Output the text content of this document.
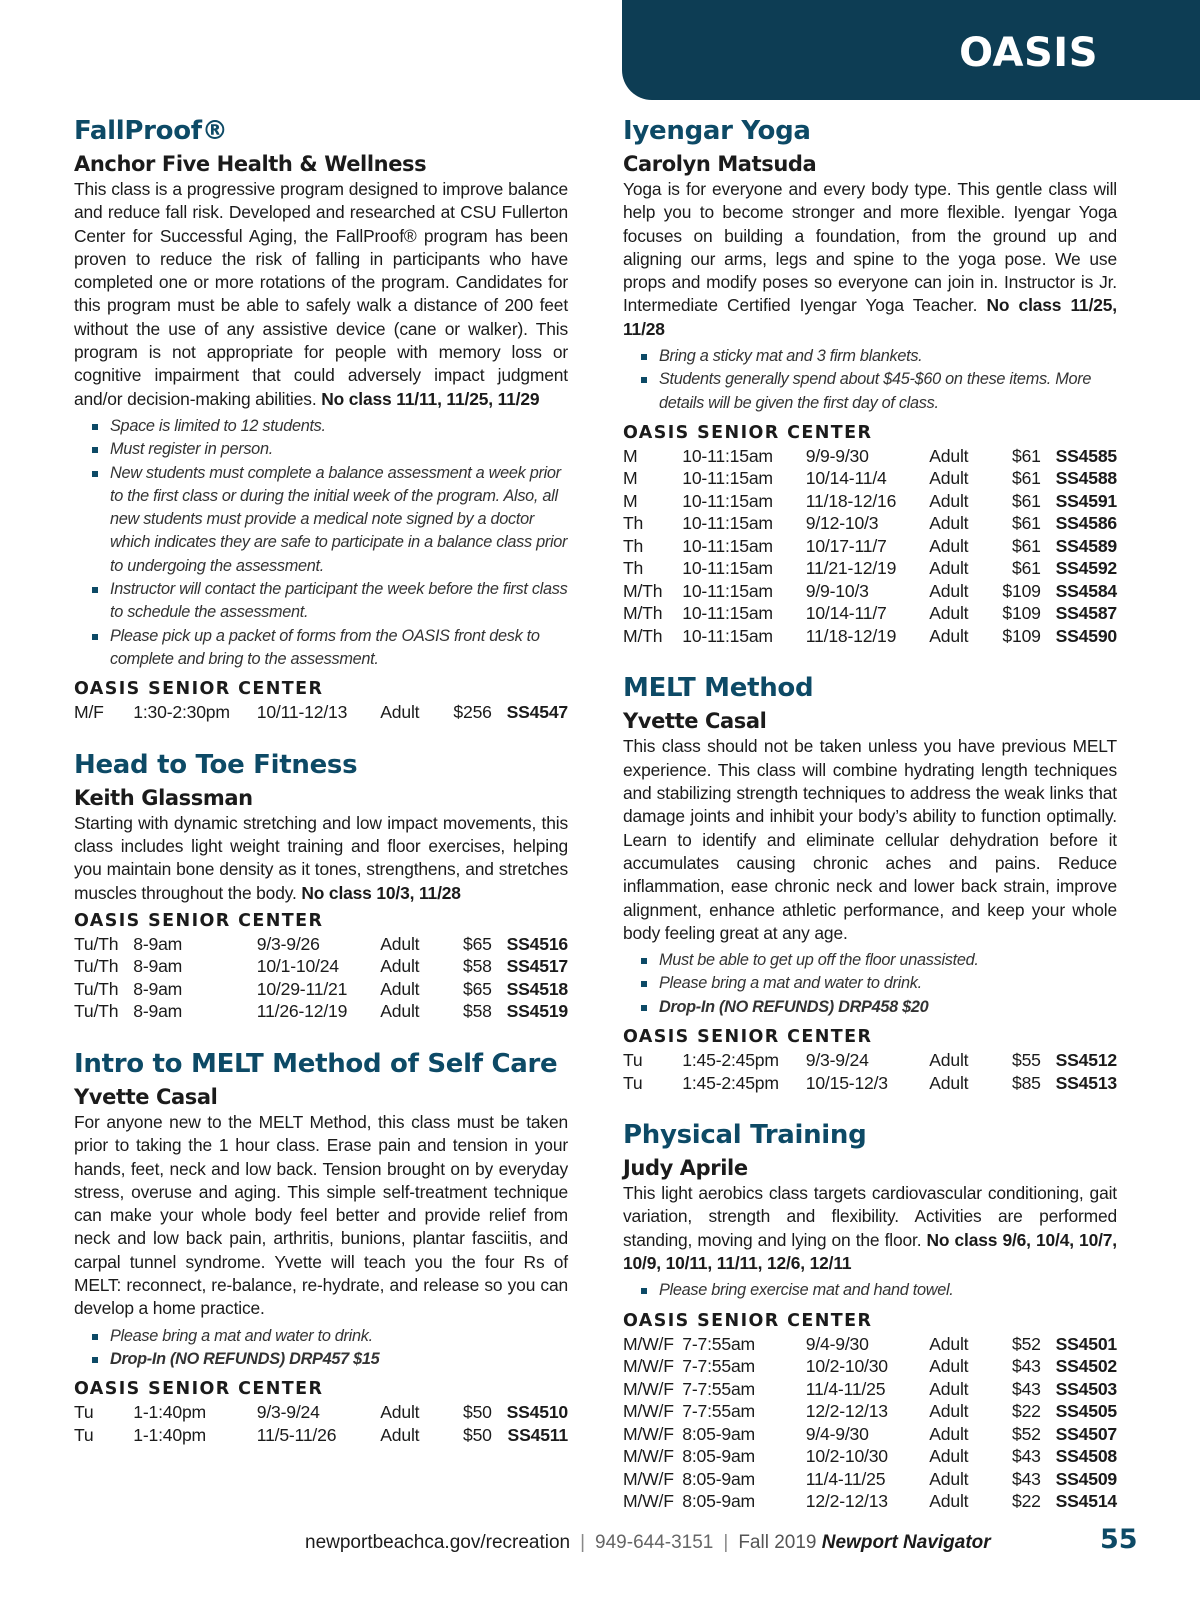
OASIS
FallProof®
Anchor Five Health & Wellness
This class is a progressive program designed to improve balance and reduce fall risk. Developed and researched at CSU Fullerton Center for Successful Aging, the FallProof® program has been proven to reduce the risk of falling in participants who have completed one or more rotations of the program. Candidates for this program must be able to safely walk a distance of 200 feet without the use of any assistive device (cane or walker). This program is not appropriate for people with memory loss or cognitive impairment that could adversely impact judgment and/or decision-making abilities. No class 11/11, 11/25, 11/29
Space is limited to 12 students.
Must register in person.
New students must complete a balance assessment a week prior to the first class or during the initial week of the program. Also, all new students must provide a medical note signed by a doctor which indicates they are safe to participate in a balance class prior to undergoing the assessment.
Instructor will contact the participant the week before the first class to schedule the assessment.
Please pick up a packet of forms from the OASIS front desk to complete and bring to the assessment.
OASIS SENIOR CENTER
M/F	1:30-2:30pm	10/11-12/13	Adult	$256	SS4547
Head to Toe Fitness
Keith Glassman
Starting with dynamic stretching and low impact movements, this class includes light weight training and floor exercises, helping you maintain bone density as it tones, strengthens, and stretches muscles throughout the body. No class 10/3, 11/28
OASIS SENIOR CENTER
Tu/Th	8-9am	9/3-9/26	Adult	$65	SS4516
Tu/Th	8-9am	10/1-10/24	Adult	$58	SS4517
Tu/Th	8-9am	10/29-11/21	Adult	$65	SS4518
Tu/Th	8-9am	11/26-12/19	Adult	$58	SS4519
Intro to MELT Method of Self Care
Yvette Casal
For anyone new to the MELT Method, this class must be taken prior to taking the 1 hour class. Erase pain and tension in your hands, feet, neck and low back. Tension brought on by everyday stress, overuse and aging. This simple self-treatment technique can make your whole body feel better and provide relief from neck and low back pain, arthritis, bunions, plantar fasciitis, and carpal tunnel syndrome. Yvette will teach you the four Rs of MELT: reconnect, re-balance, re-hydrate, and release so you can develop a home practice.
Please bring a mat and water to drink.
Drop-In (NO REFUNDS) DRP457 $15
OASIS SENIOR CENTER
Tu	1-1:40pm	9/3-9/24	Adult	$50	SS4510
Tu	1-1:40pm	11/5-11/26	Adult	$50	SS4511
Iyengar Yoga
Carolyn Matsuda
Yoga is for everyone and every body type. This gentle class will help you to become stronger and more flexible. Iyengar Yoga focuses on building a foundation, from the ground up and aligning our arms, legs and spine to the yoga pose. We use props and modify poses so everyone can join in. Instructor is Jr. Intermediate Certified Iyengar Yoga Teacher. No class 11/25, 11/28
Bring a sticky mat and 3 firm blankets.
Students generally spend about $45-$60 on these items. More details will be given the first day of class.
OASIS SENIOR CENTER
M	10-11:15am	9/9-9/30	Adult	$61	SS4585
M	10-11:15am	10/14-11/4	Adult	$61	SS4588
M	10-11:15am	11/18-12/16	Adult	$61	SS4591
Th	10-11:15am	9/12-10/3	Adult	$61	SS4586
Th	10-11:15am	10/17-11/7	Adult	$61	SS4589
Th	10-11:15am	11/21-12/19	Adult	$61	SS4592
M/Th	10-11:15am	9/9-10/3	Adult	$109	SS4584
M/Th	10-11:15am	10/14-11/7	Adult	$109	SS4587
M/Th	10-11:15am	11/18-12/19	Adult	$109	SS4590
MELT Method
Yvette Casal
This class should not be taken unless you have previous MELT experience. This class will combine hydrating length techniques and stabilizing strength techniques to address the weak links that damage joints and inhibit your body’s ability to function optimally. Learn to identify and eliminate cellular dehydration before it accumulates causing chronic aches and pains. Reduce inflammation, ease chronic neck and lower back strain, improve alignment, enhance athletic performance, and keep your whole body feeling great at any age.
Must be able to get up off the floor unassisted.
Please bring a mat and water to drink.
Drop-In (NO REFUNDS) DRP458 $20
OASIS SENIOR CENTER
Tu	1:45-2:45pm	9/3-9/24	Adult	$55	SS4512
Tu	1:45-2:45pm	10/15-12/3	Adult	$85	SS4513
Physical Training
Judy Aprile
This light aerobics class targets cardiovascular conditioning, gait variation, strength and flexibility. Activities are performed standing, moving and lying on the floor. No class 9/6, 10/4, 10/7, 10/9, 10/11, 11/11, 12/6, 12/11
Please bring exercise mat and hand towel.
OASIS SENIOR CENTER
M/W/F	7-7:55am	9/4-9/30	Adult	$52	SS4501
M/W/F	7-7:55am	10/2-10/30	Adult	$43	SS4502
M/W/F	7-7:55am	11/4-11/25	Adult	$43	SS4503
M/W/F	7-7:55am	12/2-12/13	Adult	$22	SS4505
M/W/F	8:05-9am	9/4-9/30	Adult	$52	SS4507
M/W/F	8:05-9am	10/2-10/30	Adult	$43	SS4508
M/W/F	8:05-9am	11/4-11/25	Adult	$43	SS4509
M/W/F	8:05-9am	12/2-12/13	Adult	$22	SS4514
newportbeachca.gov/recreation | 949-644-3151 | Fall 2019 Newport Navigator	55
